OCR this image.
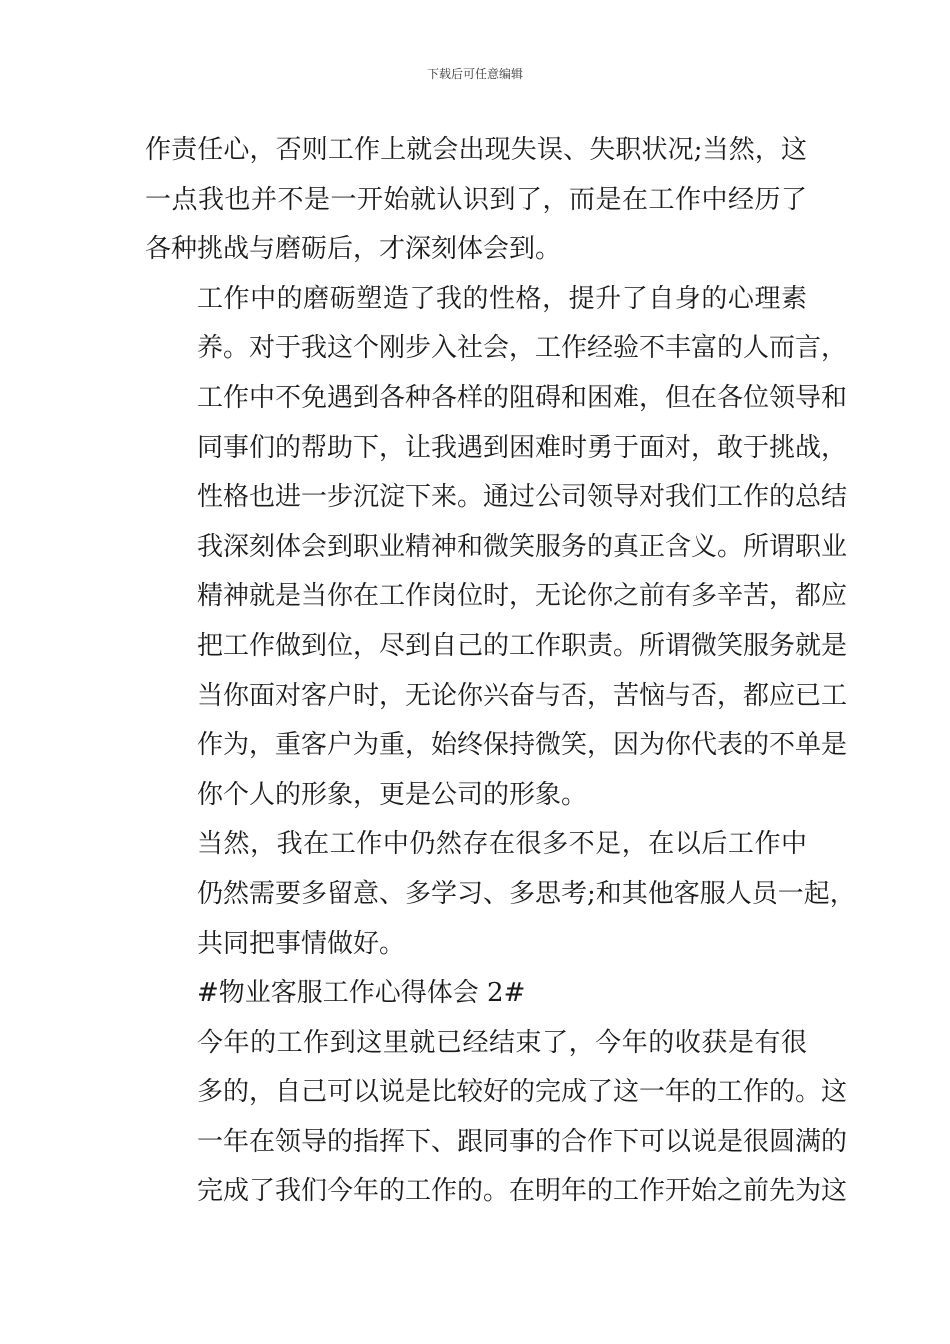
下载后可任意编辑
作责任心，否则工作上就会出现失误、失职状况;当然，这
一点我也并不是一开始就认识到了，而是在工作中经历了
各种挑战与磨砺后，才深刻体会到。
工作中的磨砺塑造了我的性格，提升了自身的心理素
养。对于我这个刚步入社会，工作经验不丰富的人而言，
工作中不免遇到各种各样的阻碍和困难，但在各位领导和
同事们的帮助下，让我遇到困难时勇于面对，敢于挑战，
性格也进一步沉淀下来。通过公司领导对我们工作的总结
我深刻体会到职业精神和微笑服务的真正含义。所谓职业
精神就是当你在工作岗位时，无论你之前有多辛苦，都应
把工作做到位，尽到自己的工作职责。所谓微笑服务就是
当你面对客户时，无论你兴奋与否，苦恼与否，都应已工
作为，重客户为重，始终保持微笑，因为你代表的不单是
你个人的形象，更是公司的形象。
当然，我在工作中仍然存在很多不足，在以后工作中
仍然需要多留意、多学习、多思考;和其他客服人员一起，
共同把事情做好。
#物业客服工作心得体会 2#
今年的工作到这里就已经结束了，今年的收获是有很
多的，自己可以说是比较好的完成了这一年的工作的。这
一年在领导的指挥下、跟同事的合作下可以说是很圆满的
完成了我们今年的工作的。在明年的工作开始之前先为这
